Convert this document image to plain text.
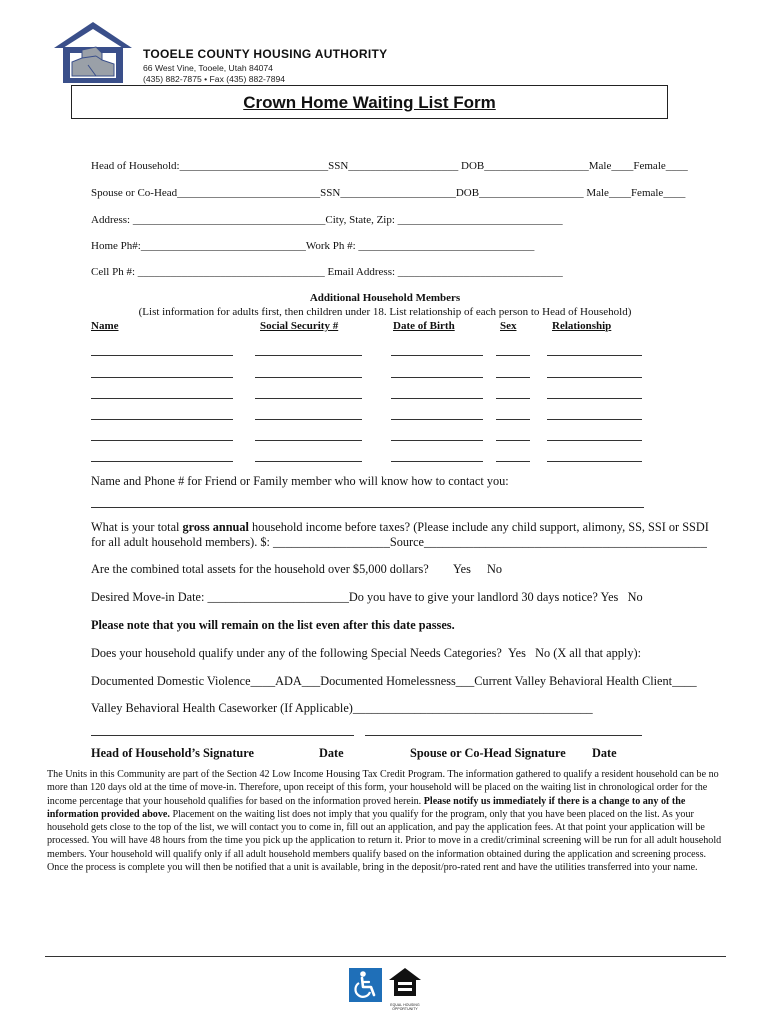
TOOELE COUNTY HOUSING AUTHORITY
66 West Vine, Tooele, Utah 84074
(435) 882-7875 • Fax (435) 882-7894
Crown Home Waiting List Form
Head of Household:___________________________SSN____________________ DOB___________________Male____Female____
Spouse or Co-Head__________________________SSN_____________________DOB___________________ Male____Female____
Address: ___________________________________City, State, Zip: ______________________________
Home Ph#:______________________________Work Ph #: ________________________________
Cell Ph #: __________________________________ Email Address: ______________________________
Additional Household Members
(List information for adults first, then children under 18. List relationship of each person to Head of Household)
Name	Social Security #	Date of Birth	Sex	Relationship
Name and Phone # for Friend or Family member who will know how to contact you:
What is your total gross annual household income before taxes? (Please include any child support, alimony, SS, SSI or SSDI
for all adult household members). $: ___________________Source______________________________________________
Are the combined total assets for the household over $5,000 dollars? Yes No
Desired Move-in Date: _______________________Do you have to give your landlord 30 days notice? Yes No
Please note that you will remain on the list even after this date passes.
Does your household qualify under any of the following Special Needs Categories? Yes No (X all that apply):
Documented Domestic Violence____ADA___Documented Homelessness___Current Valley Behavioral Health Client____
Valley Behavioral Health Caseworker (If Applicable)_______________________________________
Head of Household’s Signature	Date	Spouse or Co-Head Signature Date
The Units in this Community are part of the Section 42 Low Income Housing Tax Credit Program. The information gathered to qualify a resident household can be no more than 120 days old at the time of move-in. Therefore, upon receipt of this form, your household will be placed on the waiting list in chronological order for the income percentage that your household qualifies for based on the information proved herein. Please notify us immediately if there is a change to any of the information provided above. Placement on the waiting list does not imply that you qualify for the program, only that you have been placed on the list. As your household gets close to the top of the list, we will contact you to come in, fill out an application, and pay the application fees. At that point your application will be processed. You will have 48 hours from the time you pick up the application to return it. Prior to move in a credit/criminal screening will be run for all adult household members. Your household will qualify only if all adult household members qualify based on the information obtained during the application and screening process. Once the process is complete you will then be notified that a unit is available, bring in the deposit/pro-rated rent and have the utilities transferred into your name.
EQUAL HOUSING OPPORTUNITY
